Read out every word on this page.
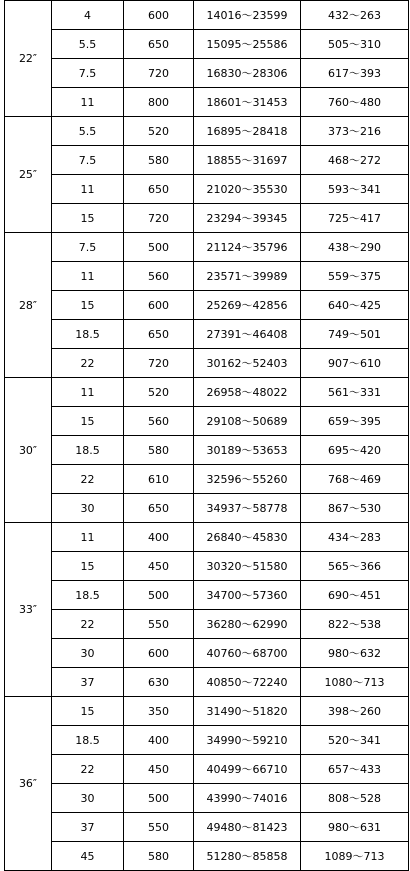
22″	4	600	14016～23599	432～263
	5.5	650	15095～25586	505～310
	7.5	720	16830～28306	617～393
	11	800	18601～31453	760～480
25″	5.5	520	16895～28418	373～216
	7.5	580	18855～31697	468～272
	11	650	21020～35530	593～341
	15	720	23294～39345	725～417
28″	7.5	500	21124～35796	438～290
	11	560	23571～39989	559～375
	15	600	25269～42856	640～425
	18.5	650	27391～46408	749～501
	22	720	30162～52403	907～610
30″	11	520	26958～48022	561～331
	15	560	29108～50689	659～395
	18.5	580	30189～53653	695～420
	22	610	32596～55260	768～469
	30	650	34937～58778	867～530
33″	11	400	26840～45830	434～283
	15	450	30320～51580	565～366
	18.5	500	34700～57360	690～451
	22	550	36280～62990	822～538
	30	600	40760～68700	980～632
	37	630	40850～72240	1080～713
36″	15	350	31490～51820	398～260
	18.5	400	34990～59210	520～341
	22	450	40499～66710	657～433
	30	500	43990～74016	808～528
	37	550	49480～81423	980～631
	45	580	51280～85858	1089～713
